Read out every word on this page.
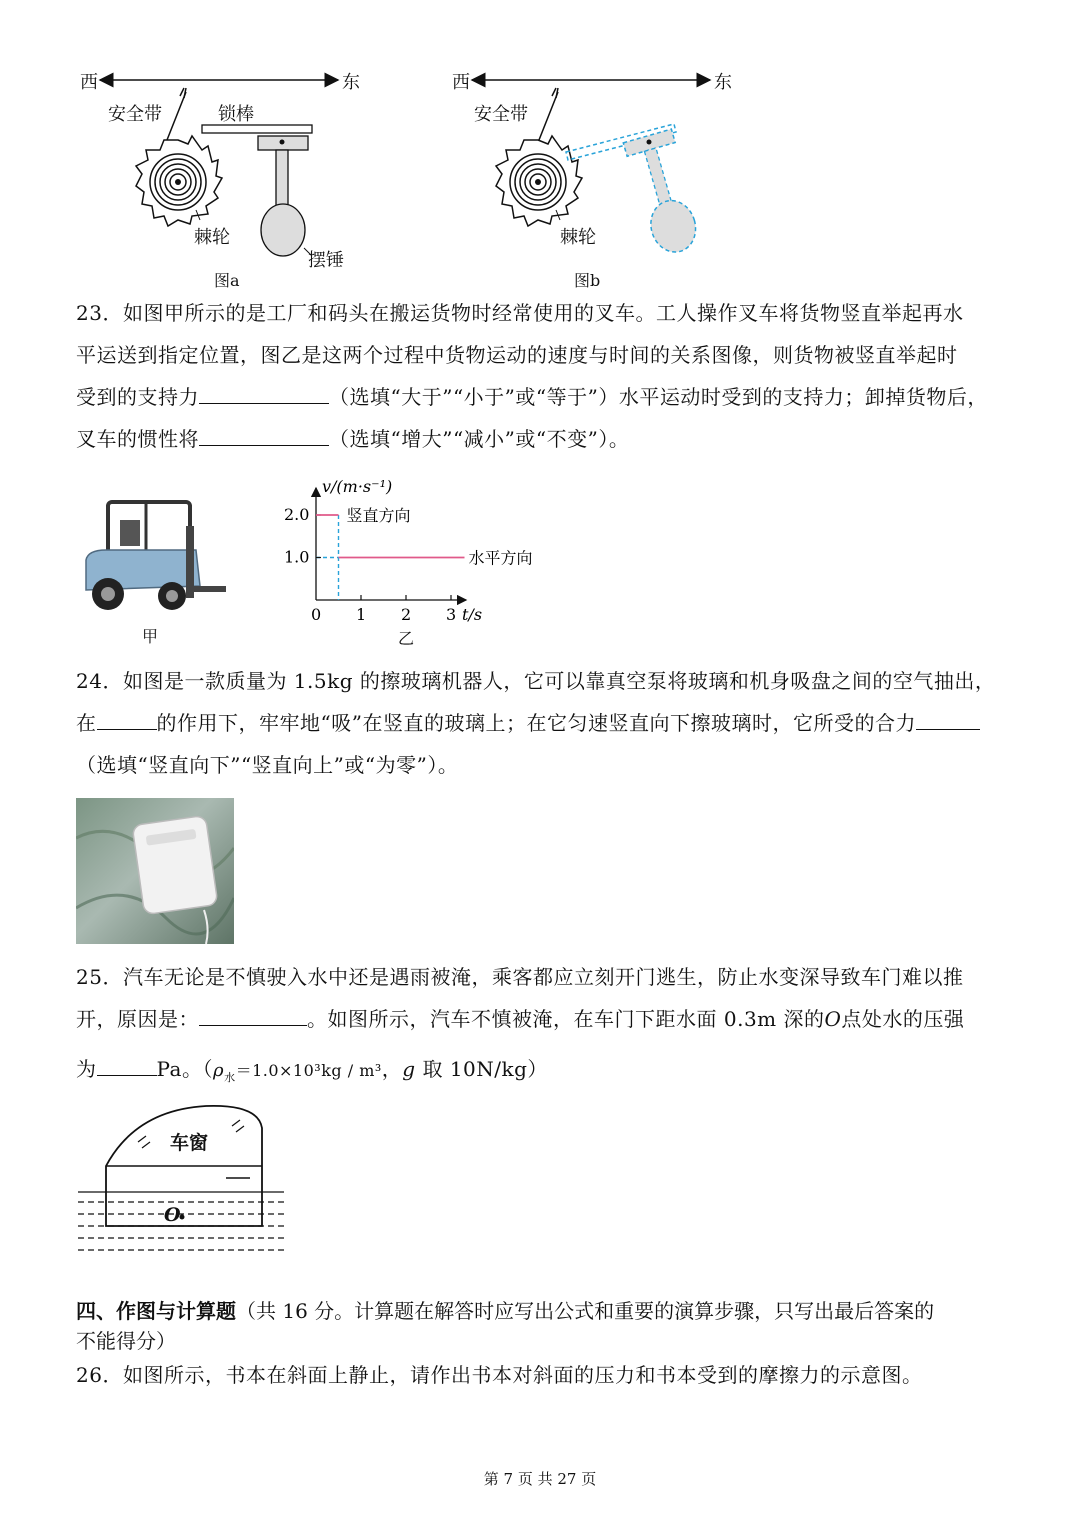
西	东
安全带	锁棒
棘轮
摆锤
图a
西	东
安全带
棘轮
图b
23．如图甲所示的是工厂和码头在搬运货物时经常使用的叉车。工人操作叉车将货物竖直举起再水
平运送到指定位置，图乙是这两个过程中货物运动的速度与时间的关系图像，则货物被竖直举起时
受到的支持力	（选填“大于”“小于”或“等于”）水平运动时受到的支持力；卸掉货物后，
叉车的惯性将	（选填“增大”“减小”或“不变”）。
甲
v/(m·s⁻¹)
t/s
0 1 2 3
1.0
2.0 竖直方向
水平方向
乙
24．如图是一款质量为 1.5kg 的擦玻璃机器人，它可以靠真空泵将玻璃和机身吸盘之间的空气抽出，
在	的作用下，牢牢地“吸”在竖直的玻璃上；在它匀速竖直向下擦玻璃时，它所受的合力
（选填“竖直向下”“竖直向上”或“为零”）。
25．汽车无论是不慎驶入水中还是遇雨被淹，乘客都应立刻开门逃生，防止水变深导致车门难以推
开，原因是：	。如图所示，汽车不慎被淹，在车门下距水面 0.3m 深的O点处水的压强
为	Pa。（$\rho_水=1.0\times 10^3kg / m^3$，g 取 10N/kg）
车窗
O
四、作图与计算题（共 16 分。计算题在解答时应写出公式和重要的演算步骤，只写出最后答案的
不能得分）
26．如图所示，书本在斜面上静止，请作出书本对斜面的压力和书本受到的摩擦力的示意图。
第 7 页 共 27 页
